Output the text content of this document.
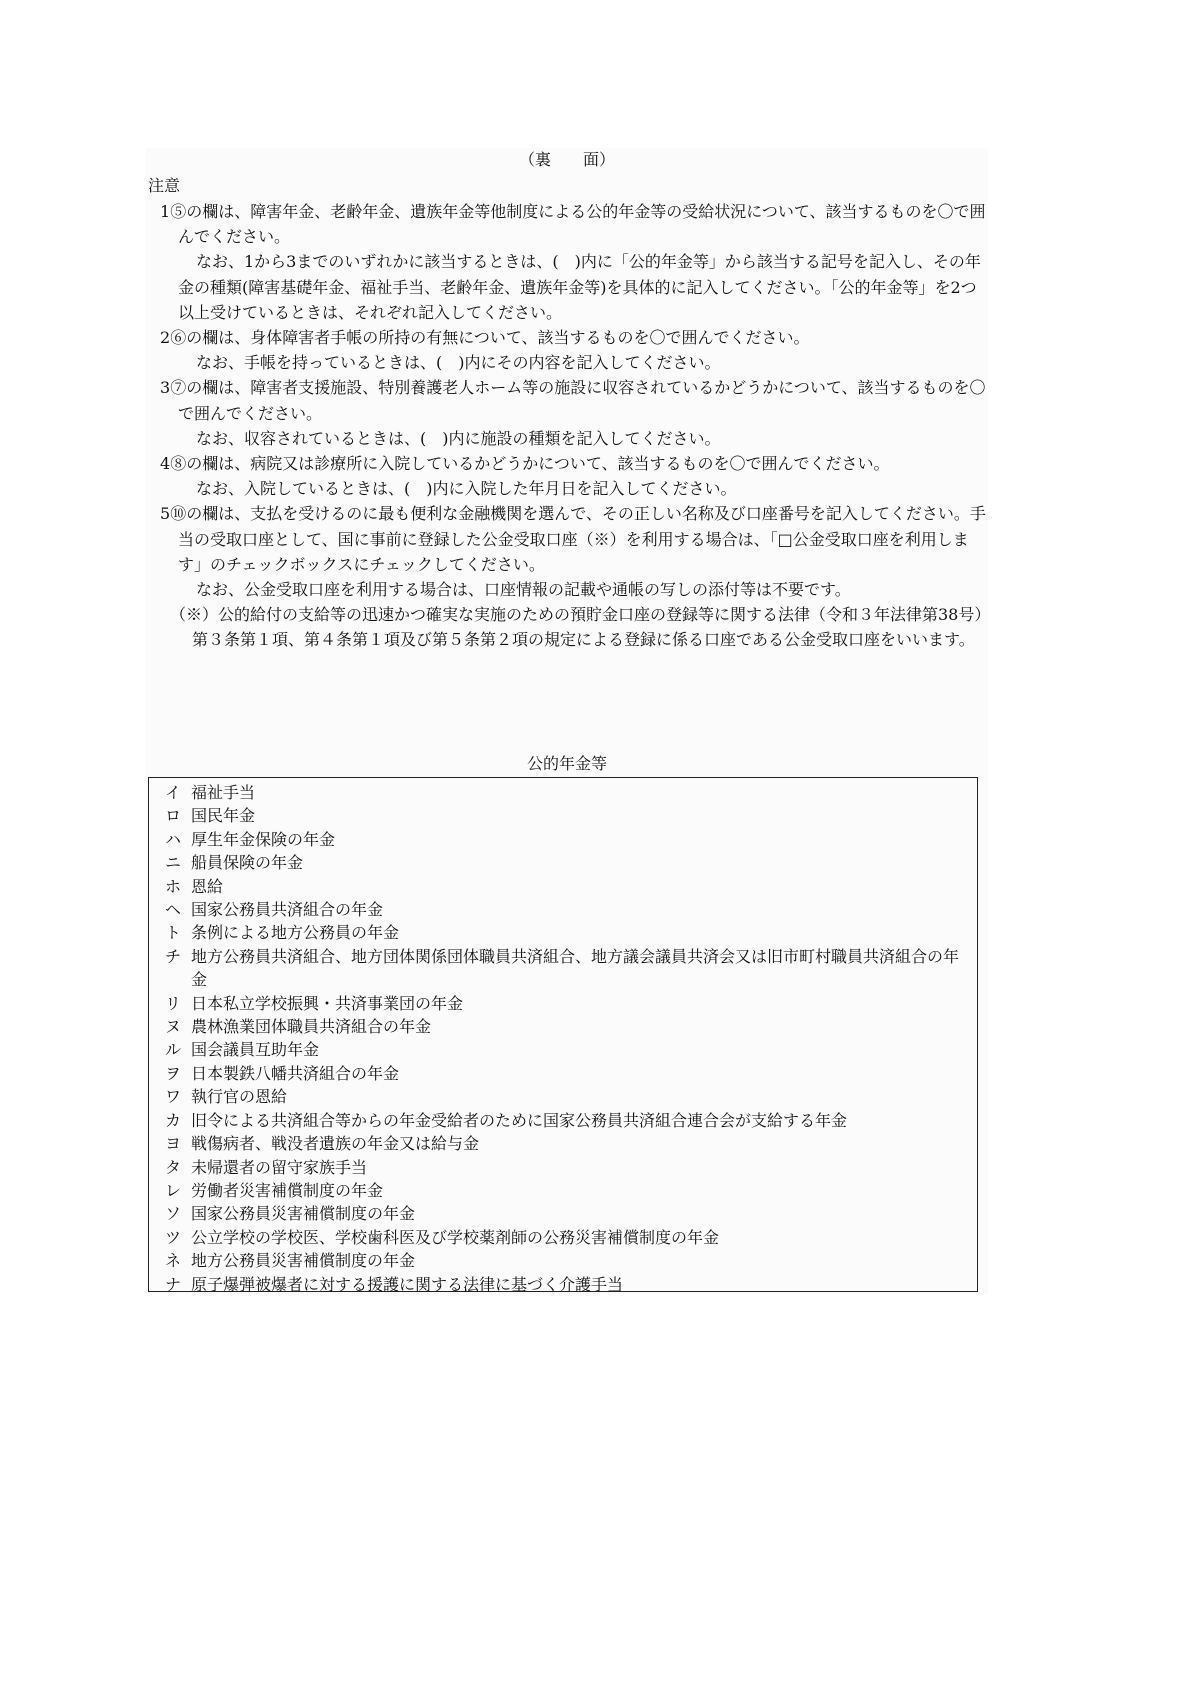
（裏　　面）
注意

1⑤の欄は、障害年金、老齢年金、遺族年金等他制度による公的年金等の受給状況について、該当するものを〇で囲んでください。

なお、1から3までのいずれかに該当するときは、(　)内に「公的年金等」から該当する記号を記入し、その年金の種類(障害基礎年金、福祉手当、老齢年金、遺族年金等)を具体的に記入してください。「公的年金等」を2つ以上受けているときは、それぞれ記入してください。

2⑥の欄は、身体障害者手帳の所持の有無について、該当するものを〇で囲んでください。

なお、手帳を持っているときは、(　)内にその内容を記入してください。

3⑦の欄は、障害者支援施設、特別養護老人ホーム等の施設に収容されているかどうかについて、該当するものを〇で囲んでください。

なお、収容されているときは、(　)内に施設の種類を記入してください。

4⑧の欄は、病院又は診療所に入院しているかどうかについて、該当するものを〇で囲んでください。

なお、入院しているときは、(　)内に入院した年月日を記入してください。

5⑩の欄は、支払を受けるのに最も便利な金融機関を選んで、その正しい名称及び口座番号を記入してください。手当の受取口座として、国に事前に登録した公金受取口座（※）を利用する場合は、「□公金受取口座を利用します」のチェックボックスにチェックしてください。

なお、公金受取口座を利用する場合は、口座情報の記載や通帳の写しの添付等は不要です。

（※）公的給付の支給等の迅速かつ確実な実施のための預貯金口座の登録等に関する法律（令和３年法律第38号）第３条第１項、第４条第１項及び第５条第２項の規定による登録に係る口座である公金受取口座をいいます。

公的年金等
イ 福祉手当
ロ 国民年金
ハ 厚生年金保険の年金
ニ 船員保険の年金
ホ 恩給
ヘ 国家公務員共済組合の年金
ト 条例による地方公務員の年金
チ 地方公務員共済組合、地方団体関係団体職員共済組合、地方議会議員共済会又は旧市町村職員共済組合の年金
リ 日本私立学校振興・共済事業団の年金
ヌ 農林漁業団体職員共済組合の年金
ル 国会議員互助年金
ヲ 日本製鉄八幡共済組合の年金
ワ 執行官の恩給
カ 旧令による共済組合等からの年金受給者のために国家公務員共済組合連合会が支給する年金
ヨ 戦傷病者、戦没者遺族の年金又は給与金
タ 未帰還者の留守家族手当
レ 労働者災害補償制度の年金
ソ 国家公務員災害補償制度の年金
ツ 公立学校の学校医、学校歯科医及び学校薬剤師の公務災害補償制度の年金
ネ 地方公務員災害補償制度の年金
ナ 原子爆弾被爆者に対する援護に関する法律に基づく介護手当
